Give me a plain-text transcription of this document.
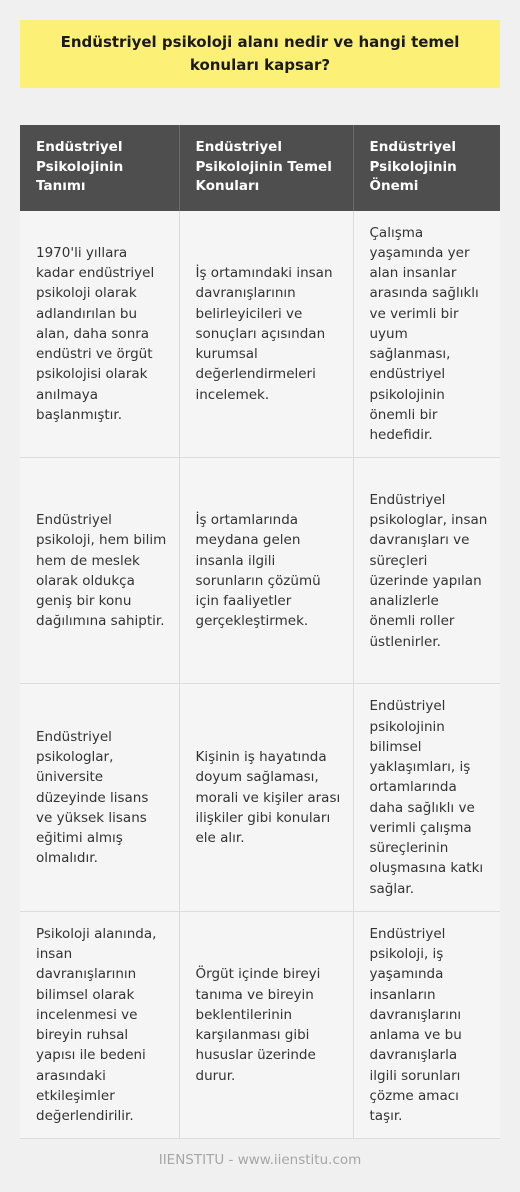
Endüstriyel psikoloji alanı nedir ve hangi temel konuları kapsar?
Endüstriyel Psikolojinin Tanımı	Endüstriyel Psikolojinin Temel Konuları	Endüstriyel Psikolojinin Önemi
1970'li yıllara kadar endüstriyel psikoloji olarak adlandırılan bu alan, daha sonra endüstri ve örgüt psikolojisi olarak anılmaya başlanmıştır.	İş ortamındaki insan davranışlarının belirleyicileri ve sonuçları açısından kurumsal değerlendirmeleri incelemek.	Çalışma yaşamında yer alan insanlar arasında sağlıklı ve verimli bir uyum sağlanması, endüstriyel psikolojinin önemli bir hedefidir.
Endüstriyel psikoloji, hem bilim hem de meslek olarak oldukça geniş bir konu dağılımına sahiptir.	İş ortamlarında meydana gelen insanla ilgili sorunların çözümü için faaliyetler gerçekleştirmek.	Endüstriyel psikologlar, insan davranışları ve süreçleri üzerinde yapılan analizlerle önemli roller üstlenirler.
Endüstriyel psikologlar, üniversite düzeyinde lisans ve yüksek lisans eğitimi almış olmalıdır.	Kişinin iş hayatında doyum sağlaması, morali ve kişiler arası ilişkiler gibi konuları ele alır.	Endüstriyel psikolojinin bilimsel yaklaşımları, iş ortamlarında daha sağlıklı ve verimli çalışma süreçlerinin oluşmasına katkı sağlar.
Psikoloji alanında, insan davranışlarının bilimsel olarak incelenmesi ve bireyin ruhsal yapısı ile bedeni arasındaki etkileşimler değerlendirilir.	Örgüt içinde bireyi tanıma ve bireyin beklentilerinin karşılanması gibi hususlar üzerinde durur.	Endüstriyel psikoloji, iş yaşamında insanların davranışlarını anlama ve bu davranışlarla ilgili sorunları çözme amacı taşır.
IIENSTITU - www.iienstitu.com
